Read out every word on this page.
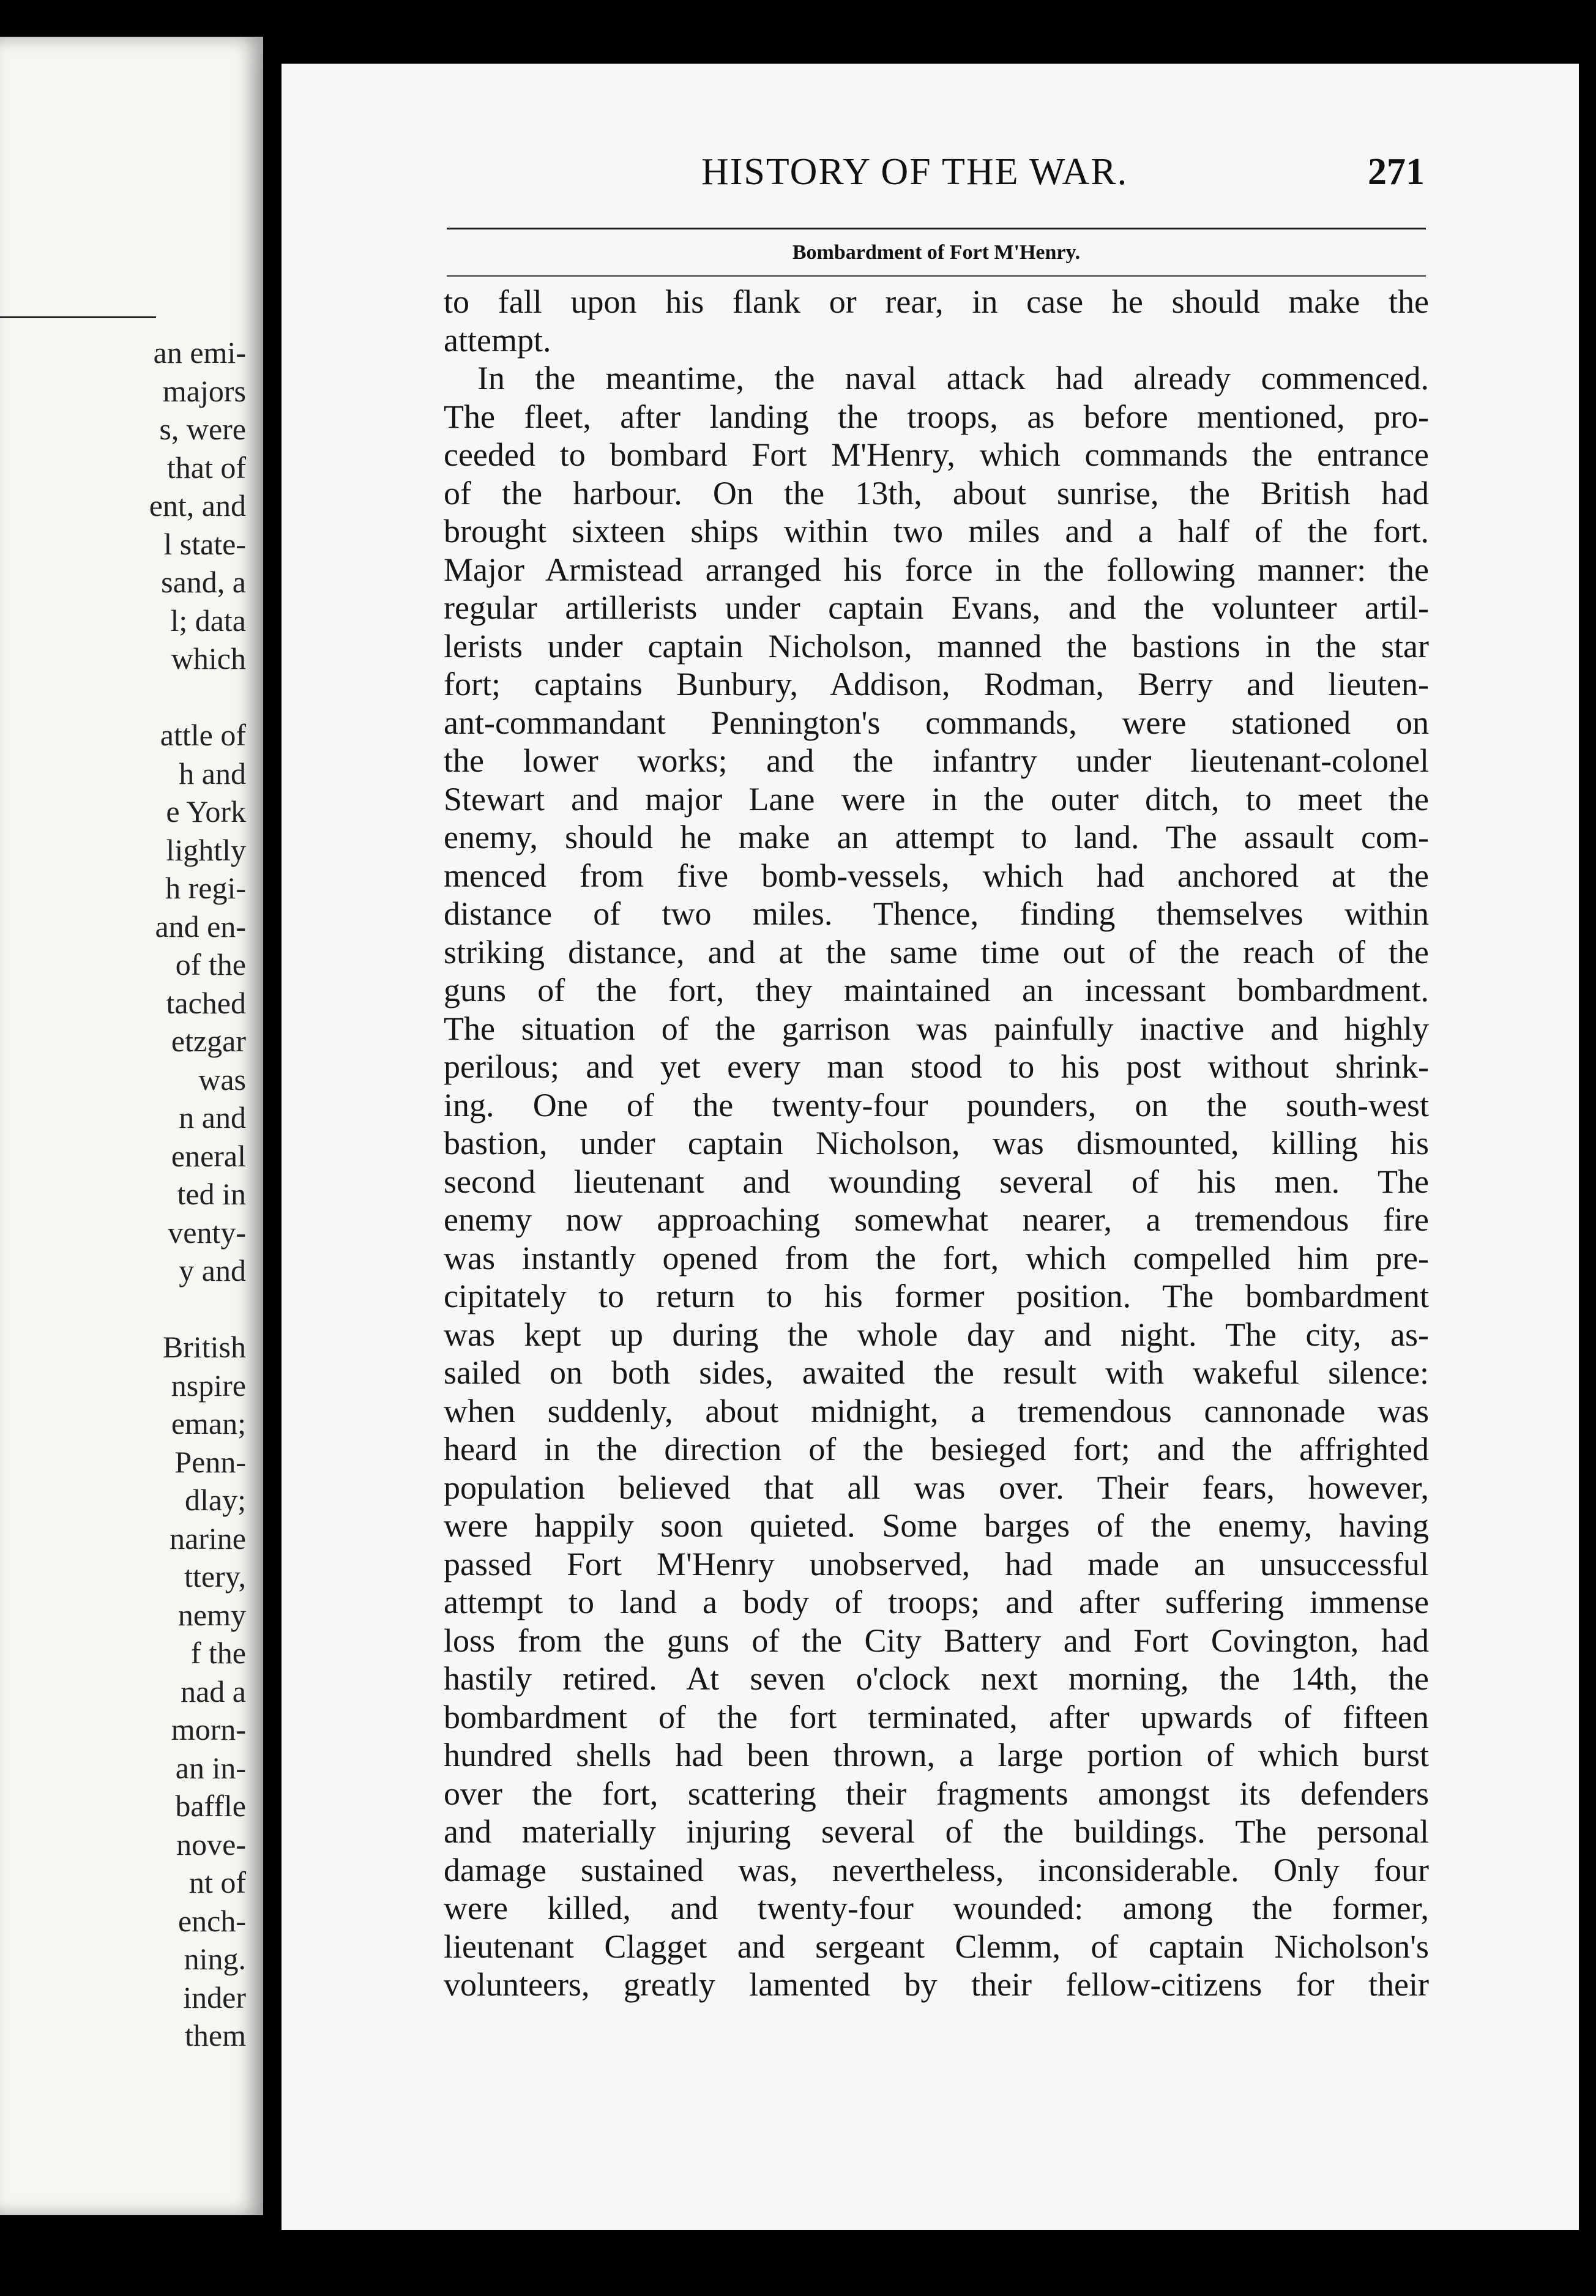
an emi-
majors
s, were
that of
ent, and
l state-
sand, a
l; data
which
attle of
h and
e York
lightly
h regi-
and en-
of the
tached
etzgar
was
n and
eneral
ted in
venty-
y and
British
nspire
eman;
Penn-
dlay;
narine
ttery,
nemy
f the
nad a
morn-
an in-
baffle
nove-
nt of
ench-
ning.
inder
them
HISTORY OF THE WAR.	271
Bombardment of Fort M'Henry.
to fall upon his flank or rear, in case he should make the
attempt.
In the meantime, the naval attack had already commenced.
The fleet, after landing the troops, as before mentioned, pro-
ceeded to bombard Fort M'Henry, which commands the entrance
of the harbour. On the 13th, about sunrise, the British had
brought sixteen ships within two miles and a half of the fort.
Major Armistead arranged his force in the following manner: the
regular artillerists under captain Evans, and the volunteer artil-
lerists under captain Nicholson, manned the bastions in the star
fort; captains Bunbury, Addison, Rodman, Berry and lieuten-
ant-commandant Pennington's commands, were stationed on
the lower works; and the infantry under lieutenant-colonel
Stewart and major Lane were in the outer ditch, to meet the
enemy, should he make an attempt to land. The assault com-
menced from five bomb-vessels, which had anchored at the
distance of two miles. Thence, finding themselves within
striking distance, and at the same time out of the reach of the
guns of the fort, they maintained an incessant bombardment.
The situation of the garrison was painfully inactive and highly
perilous; and yet every man stood to his post without shrink-
ing. One of the twenty-four pounders, on the south-west
bastion, under captain Nicholson, was dismounted, killing his
second lieutenant and wounding several of his men. The
enemy now approaching somewhat nearer, a tremendous fire
was instantly opened from the fort, which compelled him pre-
cipitately to return to his former position. The bombardment
was kept up during the whole day and night. The city, as-
sailed on both sides, awaited the result with wakeful silence:
when suddenly, about midnight, a tremendous cannonade was
heard in the direction of the besieged fort; and the affrighted
population believed that all was over. Their fears, however,
were happily soon quieted. Some barges of the enemy, having
passed Fort M'Henry unobserved, had made an unsuccessful
attempt to land a body of troops; and after suffering immense
loss from the guns of the City Battery and Fort Covington, had
hastily retired. At seven o'clock next morning, the 14th, the
bombardment of the fort terminated, after upwards of fifteen
hundred shells had been thrown, a large portion of which burst
over the fort, scattering their fragments amongst its defenders
and materially injuring several of the buildings. The personal
damage sustained was, nevertheless, inconsiderable. Only four
were killed, and twenty-four wounded: among the former,
lieutenant Clagget and sergeant Clemm, of captain Nicholson's
volunteers, greatly lamented by their fellow-citizens for their
